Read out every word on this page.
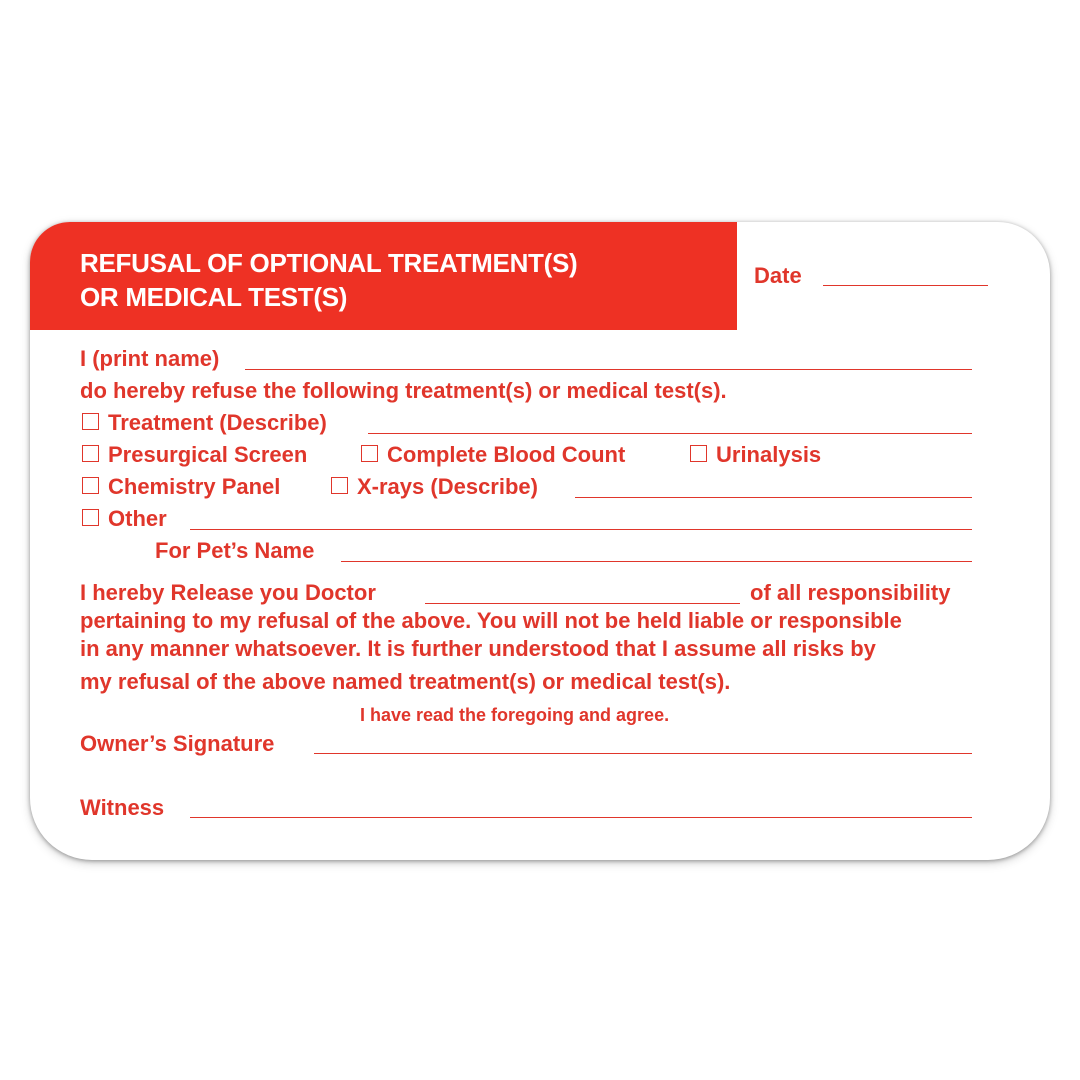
REFUSAL OF OPTIONAL TREATMENT(S)
OR MEDICAL TEST(S)

Date

I (print name)

do hereby refuse the following treatment(s) or medical test(s).

Treatment (Describe)

Presurgical Screen	Complete Blood Count	Urinalysis

Chemistry Panel	X-rays (Describe)

Other

For Pet’s Name

I hereby Release you Doctor	of all responsibility

pertaining to my refusal of the above. You will not be held liable or responsible

in any manner whatsoever. It is further understood that I assume all risks by

my refusal of the above named treatment(s) or medical test(s).

I have read the foregoing and agree.

Owner’s Signature

Witness
